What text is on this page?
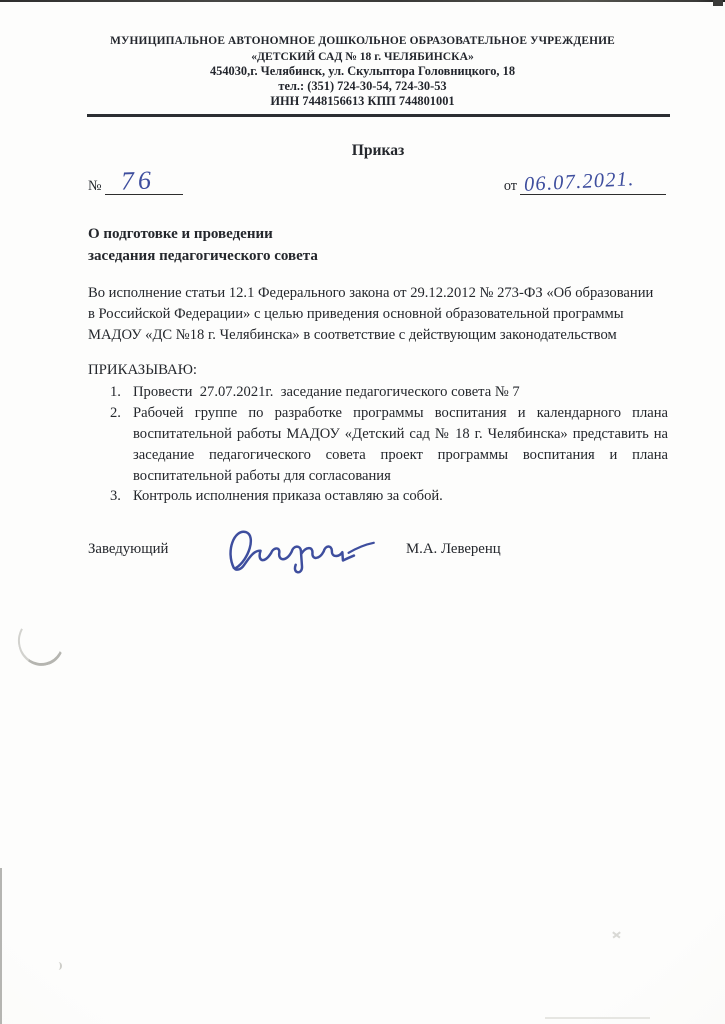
МУНИЦИПАЛЬНОЕ АВТОНОМНОЕ ДОШКОЛЬНОЕ ОБРАЗОВАТЕЛЬНОЕ УЧРЕЖДЕНИЕ
«ДЕТСКИЙ САД № 18 г. ЧЕЛЯБИНСКА»
454030,г. Челябинск, ул. Скульптора Головницкого, 18
тел.: (351) 724-30-54, 724-30-53
ИНН 7448156613 КПП 744801001
Приказ
№ 76	от 06.07.2021.
О подготовке и проведении
заседания педагогического совета
Во исполнение статьи 12.1 Федерального закона от 29.12.2012 № 273-ФЗ «Об образовании
в Российской Федерации» с целью приведения основной образовательной программы
МАДОУ «ДС №18 г. Челябинска» в соответствие с действующим законодательством
ПРИКАЗЫВАЮ:
1. Провести  27.07.2021г.  заседание педагогического совета № 7
2. Рабочей группе по разработке программы воспитания и календарного плана
воспитательной работы МАДОУ «Детский сад № 18 г. Челябинска» представить на
заседание педагогического совета проект программы воспитания и плана
воспитательной работы для согласования
3. Контроль исполнения приказа оставляю за собой.
Заведующий	М.А. Леверенц
